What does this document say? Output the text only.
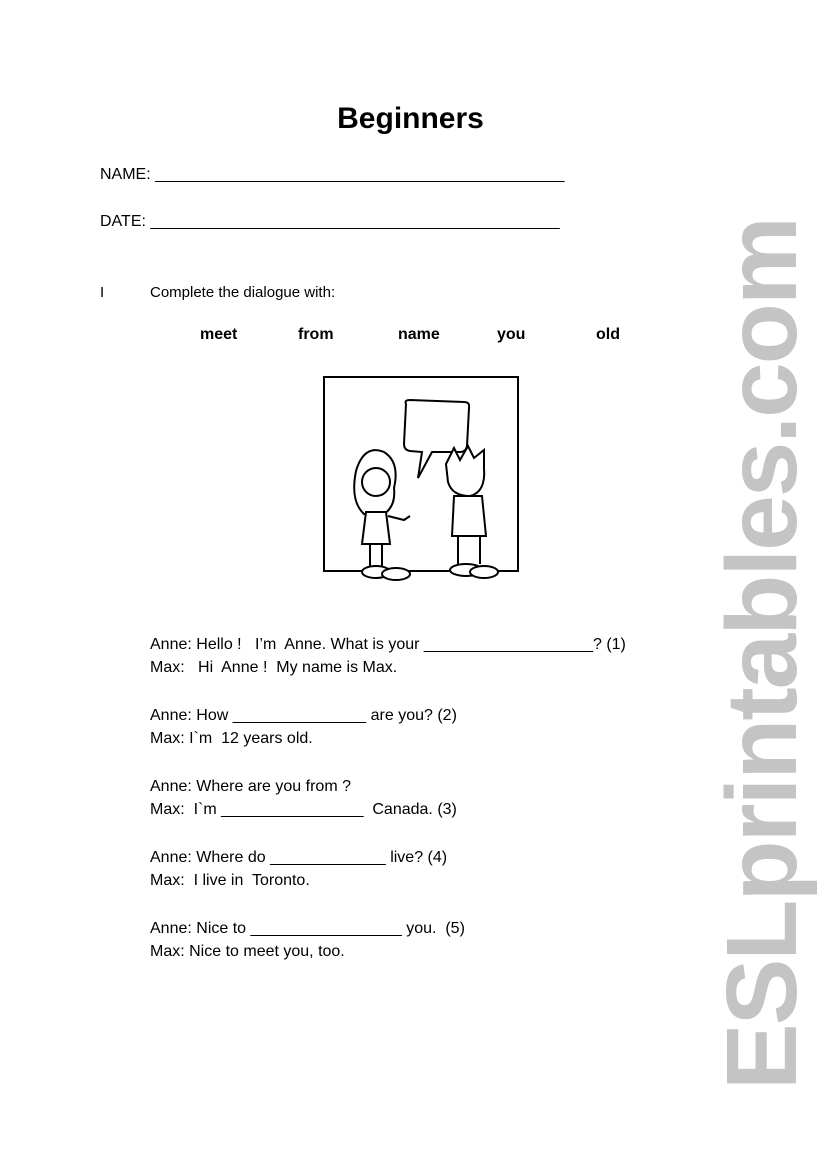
Beginners
NAME: ______________________________________________
DATE: ______________________________________________
I	Complete the dialogue with:
meet	from	name	you	old

Anne: Hello !   I’m  Anne. What is your ___________________? (1)
Max:   Hi  Anne !  My name is Max.
Anne: How _______________ are you? (2)
Max: I`m  12 years old.
Anne: Where are you from ?
Max:  I`m ________________  Canada. (3)
Anne: Where do _____________ live? (4)
Max:  I live in  Toronto.
Anne: Nice to _________________ you.  (5)
Max: Nice to meet you, too.	ESLprintables.com
